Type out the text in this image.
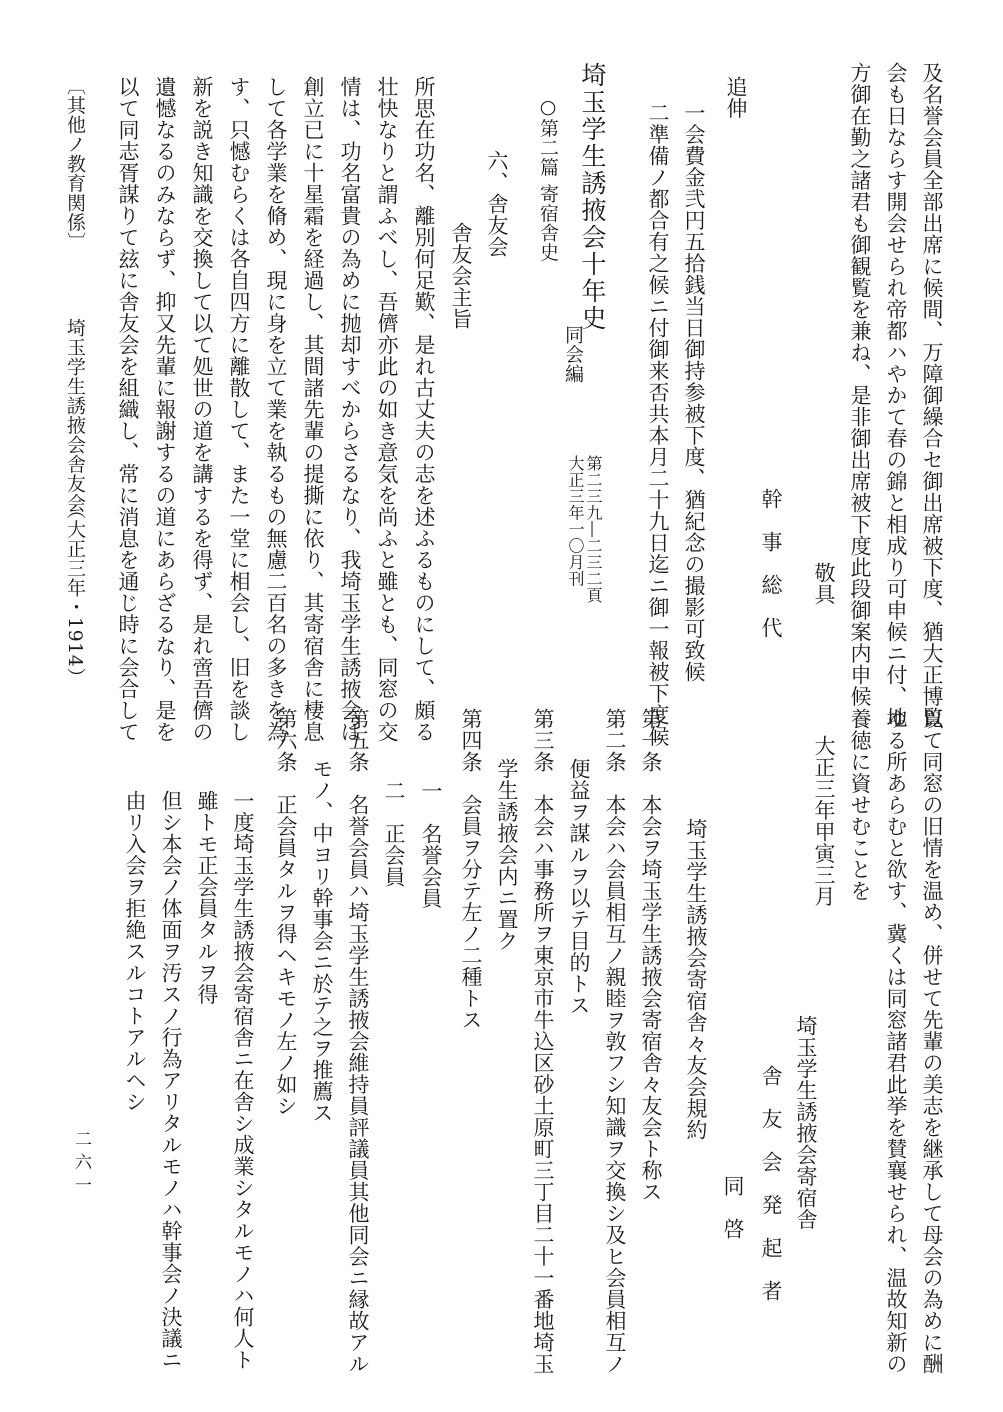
及名誉会員全部出席に候間、万障御繰合セ御出席被下度、猶大正博覧
会も日ならす開会せられ帝都ハやかて春の錦と相成り可申候ニ付、地
方御在勤之諸君も御観覧を兼ね、是非御出席被下度此段御案内申候
敬具
幹　事　総　代
追伸
一会費金弐円五拾銭当日御持参被下度、猶紀念の撮影可致候
二準備ノ都合有之候ニ付御来否共本月二十九日迄ニ御一報被下度候
埼玉学生誘掖会十年史
同会編
第二三九―二三二頁
大正三年一〇月刊
○第二篇 寄宿舎史
六、舎友会
舎友会主旨
所思在功名、離別何足歎、是れ古丈夫の志を述ふるものにして、頗る
壮快なりと謂ふべし、吾儕亦此の如き意気を尚ふと雖とも、同窓の交
情は、功名富貴の為めに抛却すべからさるなり、我埼玉学生誘掖会は
創立已に十星霜を経過し、其間諸先輩の提撕に依り、其寄宿舎に棲息
して各学業を脩め、現に身を立て業を執るもの無慮二百名の多きを為
す、只憾むらくは各自四方に離散して、また一堂に相会し、旧を談し
新を説き知識を交換して以て処世の道を講するを得ず、是れ啻吾儕の
遺憾なるのみならず、抑又先輩に報謝するの道にあらざるなり、是を
以て同志胥謀りて玆に舎友会を組織し、常に消息を通じ時に会合して
〔其他ノ教育関係〕
埼玉学生誘掖会舎友会
（大正三年・1914）
以て同窓の旧情を温め、併せて先輩の美志を継承して母会の為めに酬
ゆる所あらむと欲す、冀くは同窓諸君此挙を賛襄せられ、温故知新の
養徳に資せむことを
大正三年甲寅三月
埼玉学生誘掖会寄宿舎
舎　友　会　発　起　者
同　啓
埼玉学生誘掖会寄宿舎々友会規約
第一条　本会ヲ埼玉学生誘掖会寄宿舎々友会ト称ス
第二条　本会ハ会員相互ノ親睦ヲ敦フシ知識ヲ交換シ及ヒ会員相互ノ
便益ヲ謀ルヲ以テ目的トス
第三条　本会ハ事務所ヲ東京市牛込区砂土原町三丁目二十一番地埼玉
学生誘掖会内ニ置ク
第四条　会員ヲ分テ左ノ二種トス
一　名誉会員
二　正会員
第五条　名誉会員ハ埼玉学生誘掖会維持員評議員其他同会ニ縁故アル
モノ、中ヨリ幹事会ニ於テ之ヲ推薦ス
第六条　正会員タルヲ得ヘキモノ左ノ如シ
一度埼玉学生誘掖会寄宿舎ニ在舎シ成業シタルモノハ何人ト
雖トモ正会員タルヲ得
但シ本会ノ体面ヲ汚スノ行為アリタルモノハ幹事会ノ決議ニ
由リ入会ヲ拒絶スルコトアルヘシ
二六一
